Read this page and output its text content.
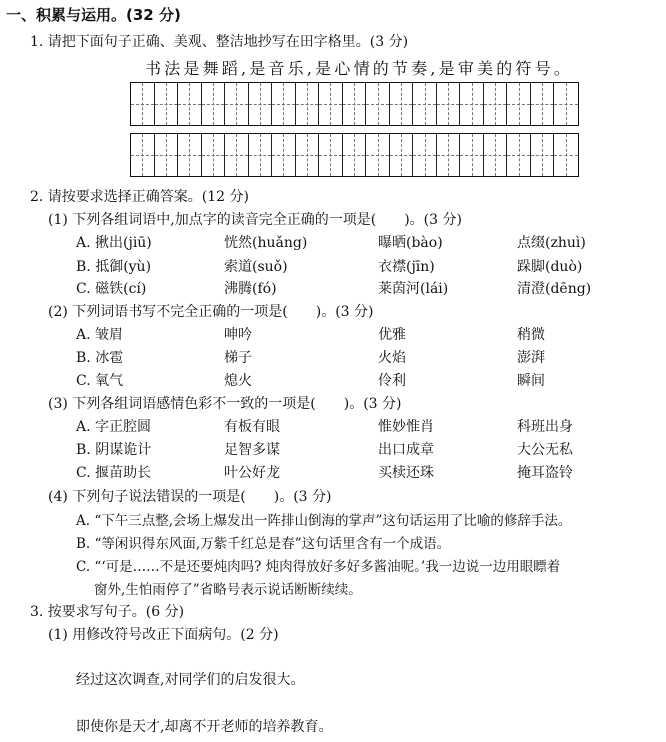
一、积累与运用。(32 分)
1. 请把下面句子正确、美观、整洁地抄写在田字格里。(3 分)
书法是舞蹈,是音乐,是心情的节奏,是审美的符号。
2. 请按要求选择正确答案。(12 分)
(1) 下列各组词语中,加点字的读音完全正确的一项是(　　)。(3 分)
A. 揪出(jiū)	恍然(huǎng)	曝晒(bào)	点缀(zhuì)
B. 抵御(yù)	索道(suǒ)	衣襟(jīn)	跺脚(duò)
C. 磁铁(cí)	沸腾(fó)	莱茵河(lái)	清澄(dēng)
(2) 下列词语书写不完全正确的一项是(　　)。(3 分)
A. 皱眉	呻吟	优雅	稍微
B. 冰雹	梯子	火焰	澎湃
C. 氧气	熄火	伶利	瞬间
(3) 下列各组词语感情色彩不一致的一项是(　　)。(3 分)
A. 字正腔圆	有板有眼	惟妙惟肖	科班出身
B. 阴谋诡计	足智多谋	出口成章	大公无私
C. 揠苗助长	叶公好龙	买椟还珠	掩耳盗铃
(4) 下列句子说法错误的一项是(　　)。(3 分)
A. “下午三点整,会场上爆发出一阵排山倒海的掌声”这句话运用了比喻的修辞手法。
B. “等闲识得东风面,万紫千红总是春”这句话里含有一个成语。
C. “‘可是……不是还要炖肉吗? 炖肉得放好多好多酱油呢。’我一边说一边用眼瞟着
窗外,生怕雨停了”省略号表示说话断断续续。
3. 按要求写句子。(6 分)
(1) 用修改符号改正下面病句。(2 分)
经过这次调查,对同学们的启发很大。
即使你是天才,却离不开老师的培养教育。
